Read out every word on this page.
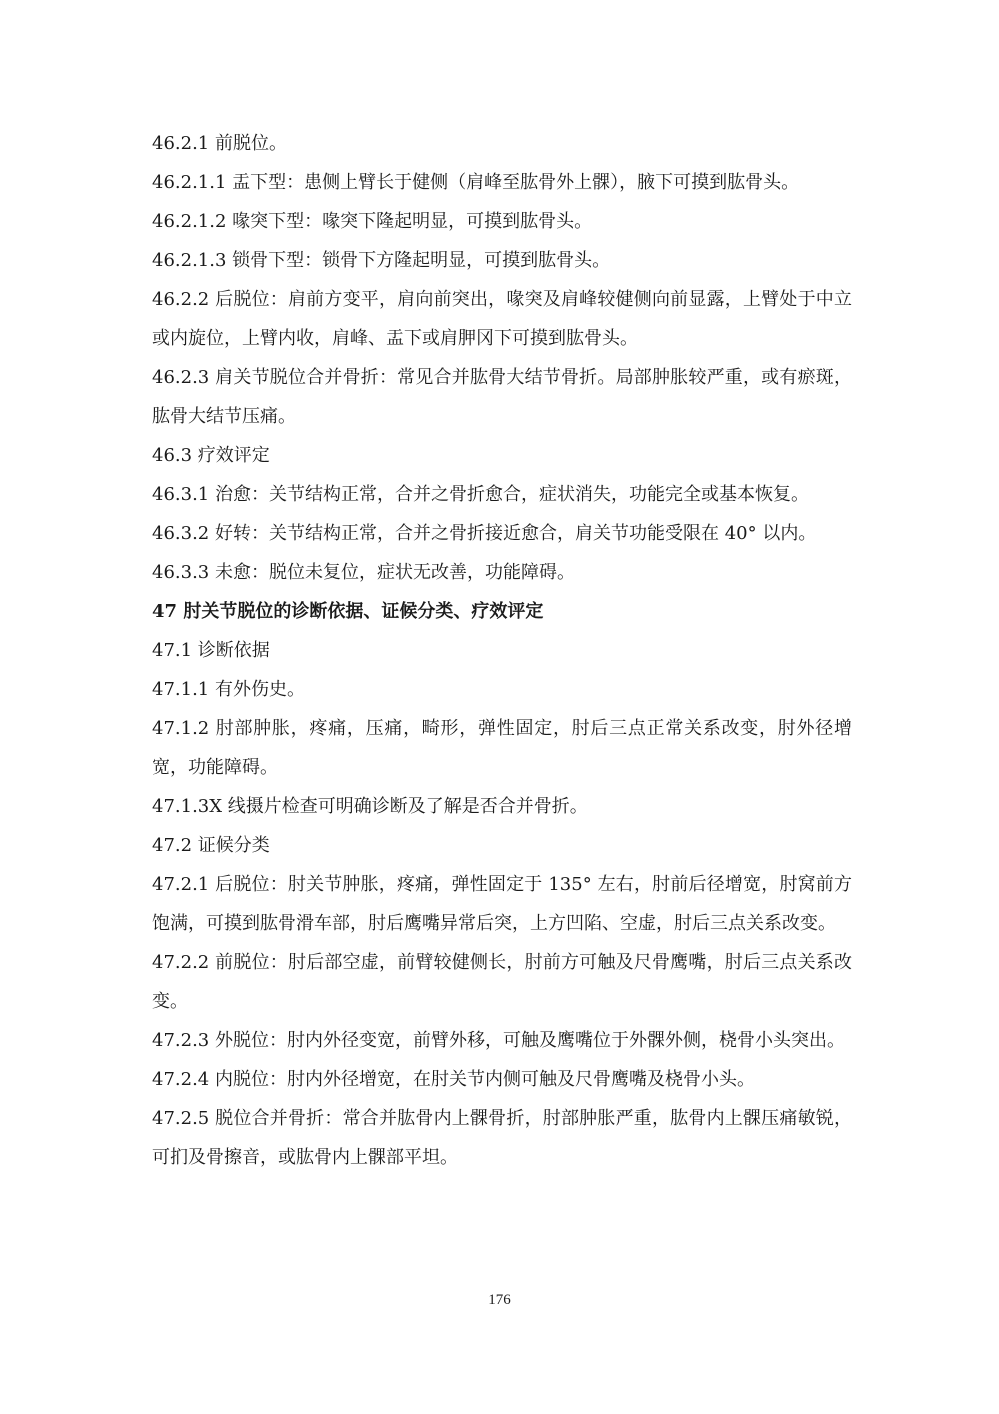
46.2.1 前脱位。

46.2.1.1 盂下型：患侧上臂长于健侧（肩峰至肱骨外上髁），腋下可摸到肱骨头。

46.2.1.2 喙突下型：喙突下隆起明显，可摸到肱骨头。

46.2.1.3 锁骨下型：锁骨下方隆起明显，可摸到肱骨头。

46.2.2 后脱位：肩前方变平，肩向前突出，喙突及肩峰较健侧向前显露，上臂处于中立或内旋位，上臂内收，肩峰、盂下或肩胛冈下可摸到肱骨头。

46.2.3 肩关节脱位合并骨折：常见合并肱骨大结节骨折。局部肿胀较严重，或有瘀斑，肱骨大结节压痛。

46.3 疗效评定

46.3.1 治愈：关节结构正常，合并之骨折愈合，症状消失，功能完全或基本恢复。

46.3.2 好转：关节结构正常，合并之骨折接近愈合，肩关节功能受限在 40° 以内。

46.3.3 未愈：脱位未复位，症状无改善，功能障碍。

47 肘关节脱位的诊断依据、证候分类、疗效评定

47.1 诊断依据

47.1.1 有外伤史。

47.1.2 肘部肿胀，疼痛，压痛，畸形，弹性固定，肘后三点正常关系改变，肘外径增宽，功能障碍。

47.1.3X 线摄片检查可明确诊断及了解是否合并骨折。

47.2 证候分类

47.2.1 后脱位：肘关节肿胀，疼痛，弹性固定于 135° 左右，肘前后径增宽，肘窝前方饱满，可摸到肱骨滑车部，肘后鹰嘴异常后突，上方凹陷、空虚，肘后三点关系改变。

47.2.2 前脱位：肘后部空虚，前臂较健侧长，肘前方可触及尺骨鹰嘴，肘后三点关系改变。

47.2.3 外脱位：肘内外径变宽，前臂外移，可触及鹰嘴位于外髁外侧，桡骨小头突出。

47.2.4 内脱位：肘内外径增宽，在肘关节内侧可触及尺骨鹰嘴及桡骨小头。

47.2.5 脱位合并骨折：常合并肱骨内上髁骨折，肘部肿胀严重，肱骨内上髁压痛敏锐，可扪及骨擦音，或肱骨内上髁部平坦。

176
